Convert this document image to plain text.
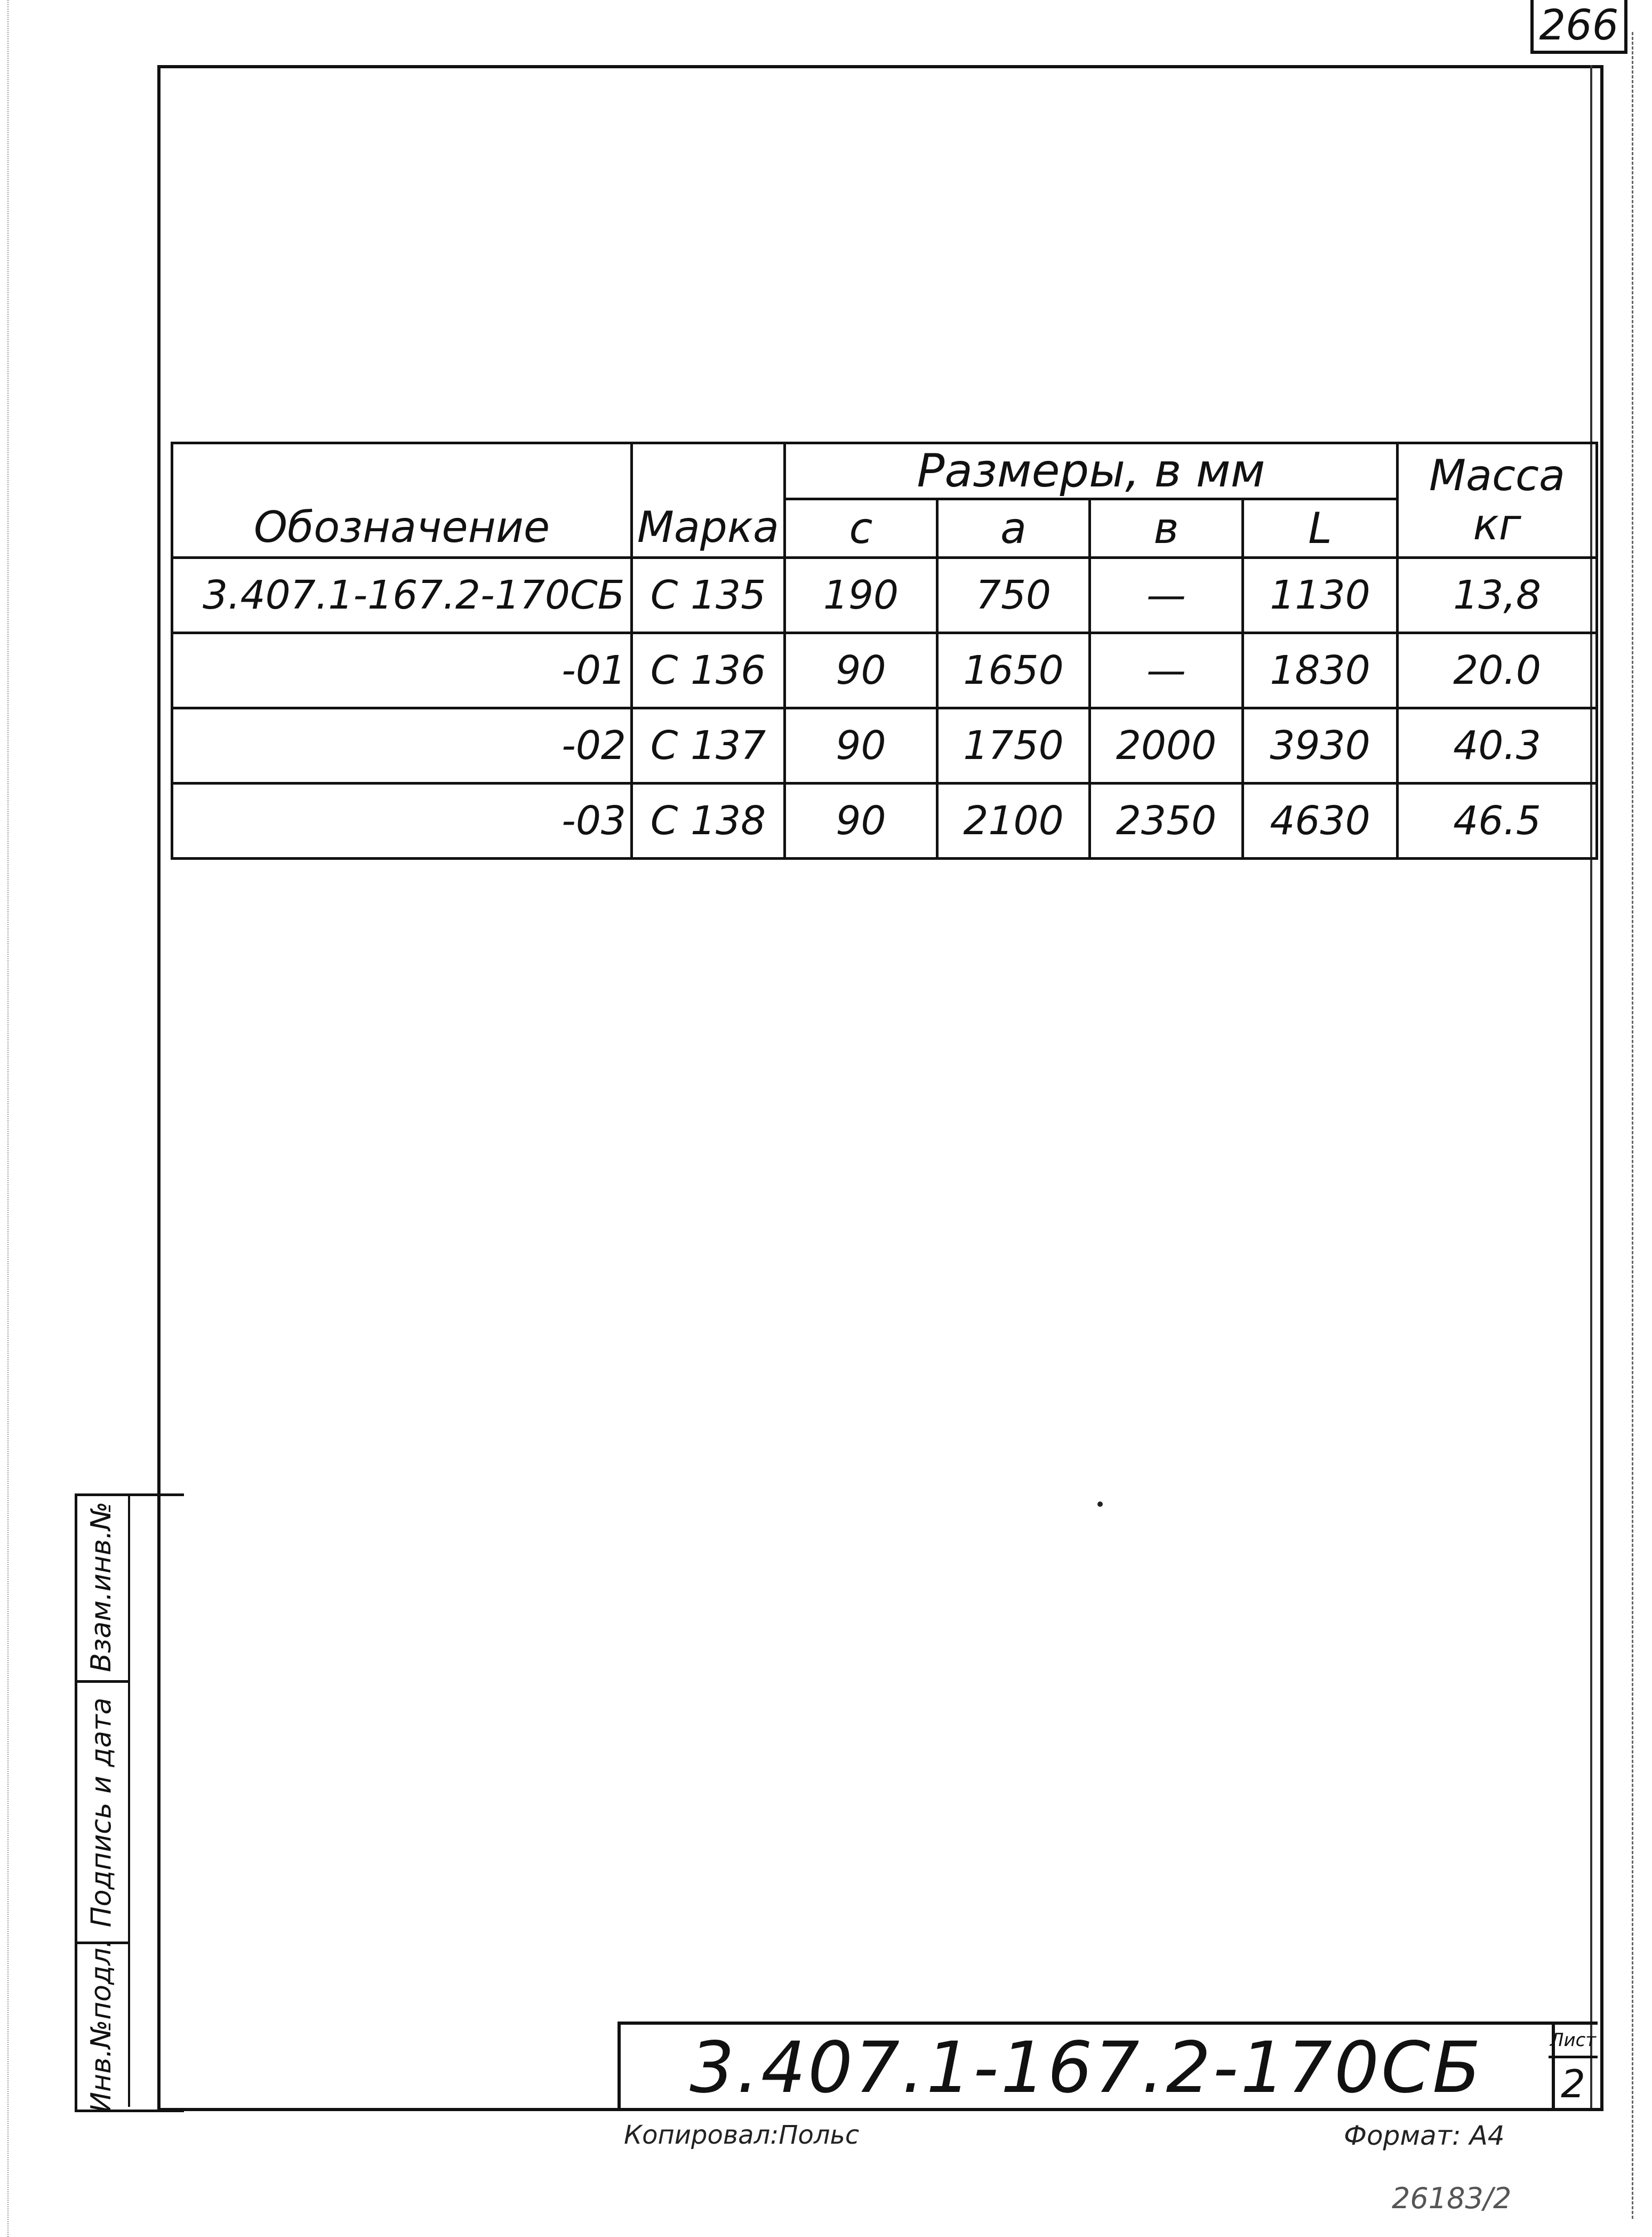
266
Обозначение	Марка	Размеры, в мм				Масса
кг

		с	а	в	L	
3.407.1-167.2-170СБ	С 135	190	750	—	1130	13,8
-01	С 136	90	1650	—	1830	20.0
-02	С 137	90	1750	2000	3930	40.3
-03	С 138	90	2100	2350	4630	46.5
Взам.инв.№
Подпись и дата
Инв.№подл.	3.407.1-167.2-170СБ	Лист
2
Копировал:Польс	Формат: А4
26183/2
